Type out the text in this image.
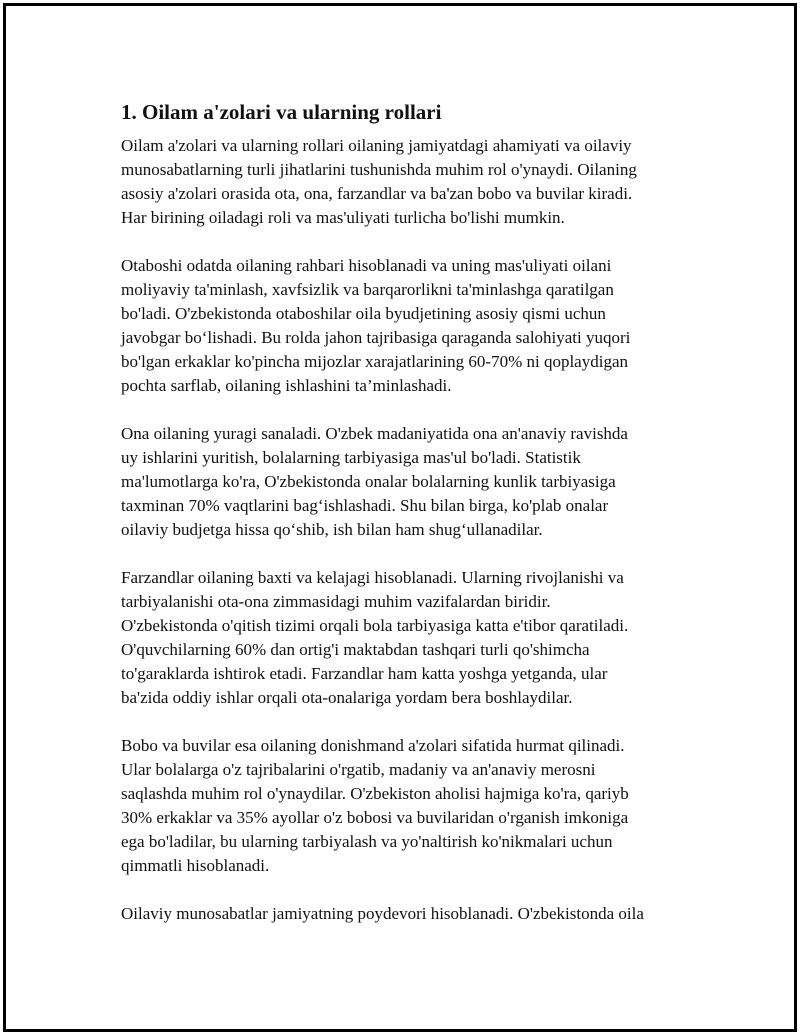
1. Oilam a'zolari va ularning rollari

Oilam a'zolari va ularning rollari oilaning jamiyatdagi ahamiyati va oilaviy
munosabatlarning turli jihatlarini tushunishda muhim rol o'ynaydi. Oilaning
asosiy a'zolari orasida ota, ona, farzandlar va ba'zan bobo va buvilar kiradi.
Har birining oiladagi roli va mas'uliyati turlicha bo'lishi mumkin.

Otaboshi odatda oilaning rahbari hisoblanadi va uning mas'uliyati oilani
moliyaviy ta'minlash, xavfsizlik va barqarorlikni ta'minlashga qaratilgan
bo'ladi. O'zbekistonda otaboshilar oila byudjetining asosiy qismi uchun
javobgar bo‘lishadi. Bu rolda jahon tajribasiga qaraganda salohiyati yuqori
bo'lgan erkaklar ko'pincha mijozlar xarajatlarining 60-70% ni qoplaydigan
pochta sarflab, oilaning ishlashini ta’minlashadi.

Ona oilaning yuragi sanaladi. O'zbek madaniyatida ona an'anaviy ravishda
uy ishlarini yuritish, bolalarning tarbiyasiga mas'ul bo'ladi. Statistik
ma'lumotlarga ko'ra, O'zbekistonda onalar bolalarning kunlik tarbiyasiga
taxminan 70% vaqtlarini bag‘ishlashadi. Shu bilan birga, ko'plab onalar
oilaviy budjetga hissa qo‘shib, ish bilan ham shug‘ullanadilar.

Farzandlar oilaning baxti va kelajagi hisoblanadi. Ularning rivojlanishi va
tarbiyalanishi ota-ona zimmasidagi muhim vazifalardan biridir.
O'zbekistonda o'qitish tizimi orqali bola tarbiyasiga katta e'tibor qaratiladi.
O'quvchilarning 60% dan ortig'i maktabdan tashqari turli qo'shimcha
to'garaklarda ishtirok etadi. Farzandlar ham katta yoshga yetganda, ular
ba'zida oddiy ishlar orqali ota-onalariga yordam bera boshlaydilar.

Bobo va buvilar esa oilaning donishmand a'zolari sifatida hurmat qilinadi.
Ular bolalarga o'z tajribalarini o'rgatib, madaniy va an'anaviy merosni
saqlashda muhim rol o'ynaydilar. O'zbekiston aholisi hajmiga ko'ra, qariyb
30% erkaklar va 35% ayollar o'z bobosi va buvilaridan o'rganish imkoniga
ega bo'ladilar, bu ularning tarbiyalash va yo'naltirish ko'nikmalari uchun
qimmatli hisoblanadi.

Oilaviy munosabatlar jamiyatning poydevori hisoblanadi. O'zbekistonda oila
